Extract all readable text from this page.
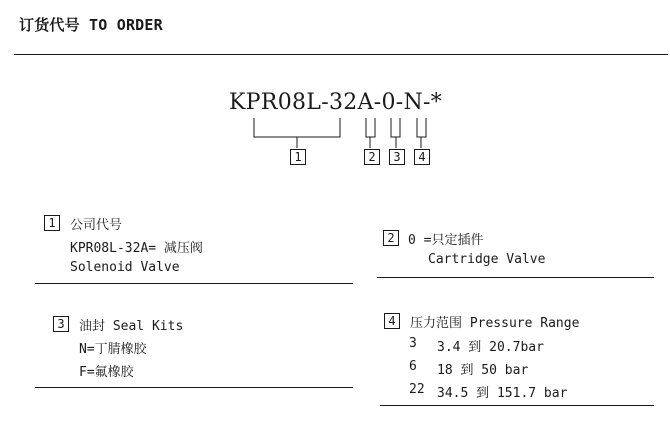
订货代号 TO ORDER
KPR08L-32A-0-N-*
1	2	3	4
1	公司代号
KPR08L-32A= 减压阀
Solenoid Valve
2	0 =只定插件
Cartridge Valve
3	油封 Seal Kits
N=丁腈橡胶
F=氟橡胶
4	压力范围 Pressure Range
3 3.4 到 20.7bar
6 18 到 50 bar
22 34.5 到 151.7 bar
